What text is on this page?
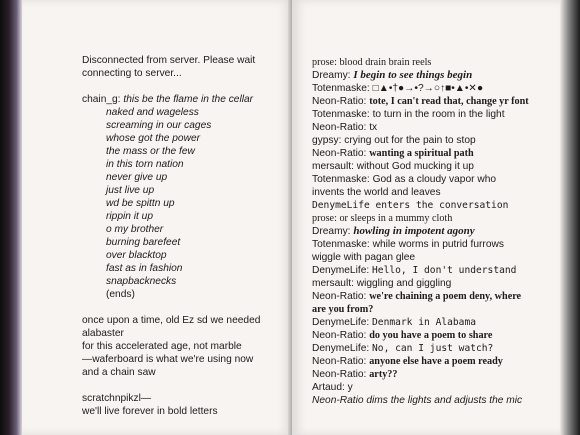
Disconnected from server. Please wait
connecting to server...
chain_g: this be the flame in the cellar
naked and wageless
screaming in our cages
whose got the power
the mass or the few
in this torn nation
never give up
just live up
wd be spittn up
rippin it up
o my brother
burning barefeet
over blacktop
fast as in fashion
snapbacknecks
(ends)
once upon a time, old Ez sd we needed
alabaster
for this accelerated age, not marble
—waferboard is what we're using now
and a chain saw
scratchnpikzl—
we'll live forever in bold letters
prose: blood drain brain reels
Dreamy: I begin to see things begin
Totenmaske: □▲•†●→•?→○↑■•▲•✕●
Neon-Ratio: tote, I can't read that, change yr font
Totenmaske: to turn in the room in the light
Neon-Ratio: tx
gypsy: crying out for the pain to stop
Neon-Ratio: wanting a spiritual path
mersault: without God mucking it up
Totenmaske: God as a cloudy vapor who
invents the world and leaves
DenymeLife enters the conversation
prose: or sleeps in a mummy cloth
Dreamy: howling in impotent agony
Totenmaske: while worms in putrid furrows
wiggle with pagan glee
DenymeLife: Hello, I don't understand
mersault: wiggling and giggling
Neon-Ratio: we're chaining a poem deny, where
are you from?
DenymeLife: Denmark in Alabama
Neon-Ratio: do you have a poem to share
DenymeLife: No, can I just watch?
Neon-Ratio: anyone else have a poem ready
Neon-Ratio: arty??
Artaud: y
Neon-Ratio dims the lights and adjusts the mic
